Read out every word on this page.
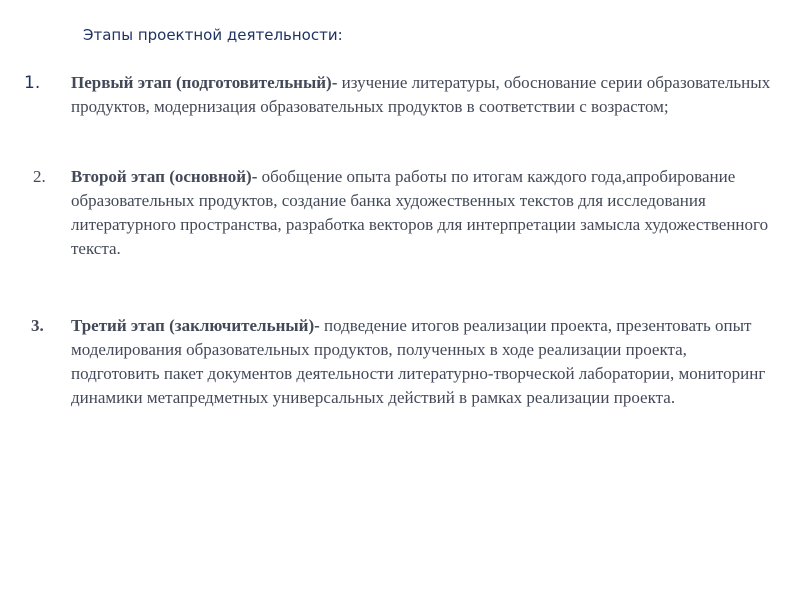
Этапы проектной деятельности:
1. Первый этап (подготовительный)- изучение литературы, обоснование серии образовательных продуктов, модернизация образовательных продуктов в соответствии с возрастом;
2. Второй этап (основной)- обобщение опыта работы по итогам каждого года,апробирование образовательных продуктов, создание банка художественных текстов для исследования литературного пространства, разработка векторов для интерпретации замысла художественного текста.
3. Третий этап (заключительный)- подведение итогов реализации проекта, презентовать опыт моделирования образовательных продуктов, полученных в ходе реализации проекта, подготовить пакет документов деятельности литературно-творческой лаборатории, мониторинг динамики метапредметных универсальных действий в рамках реализации проекта.
